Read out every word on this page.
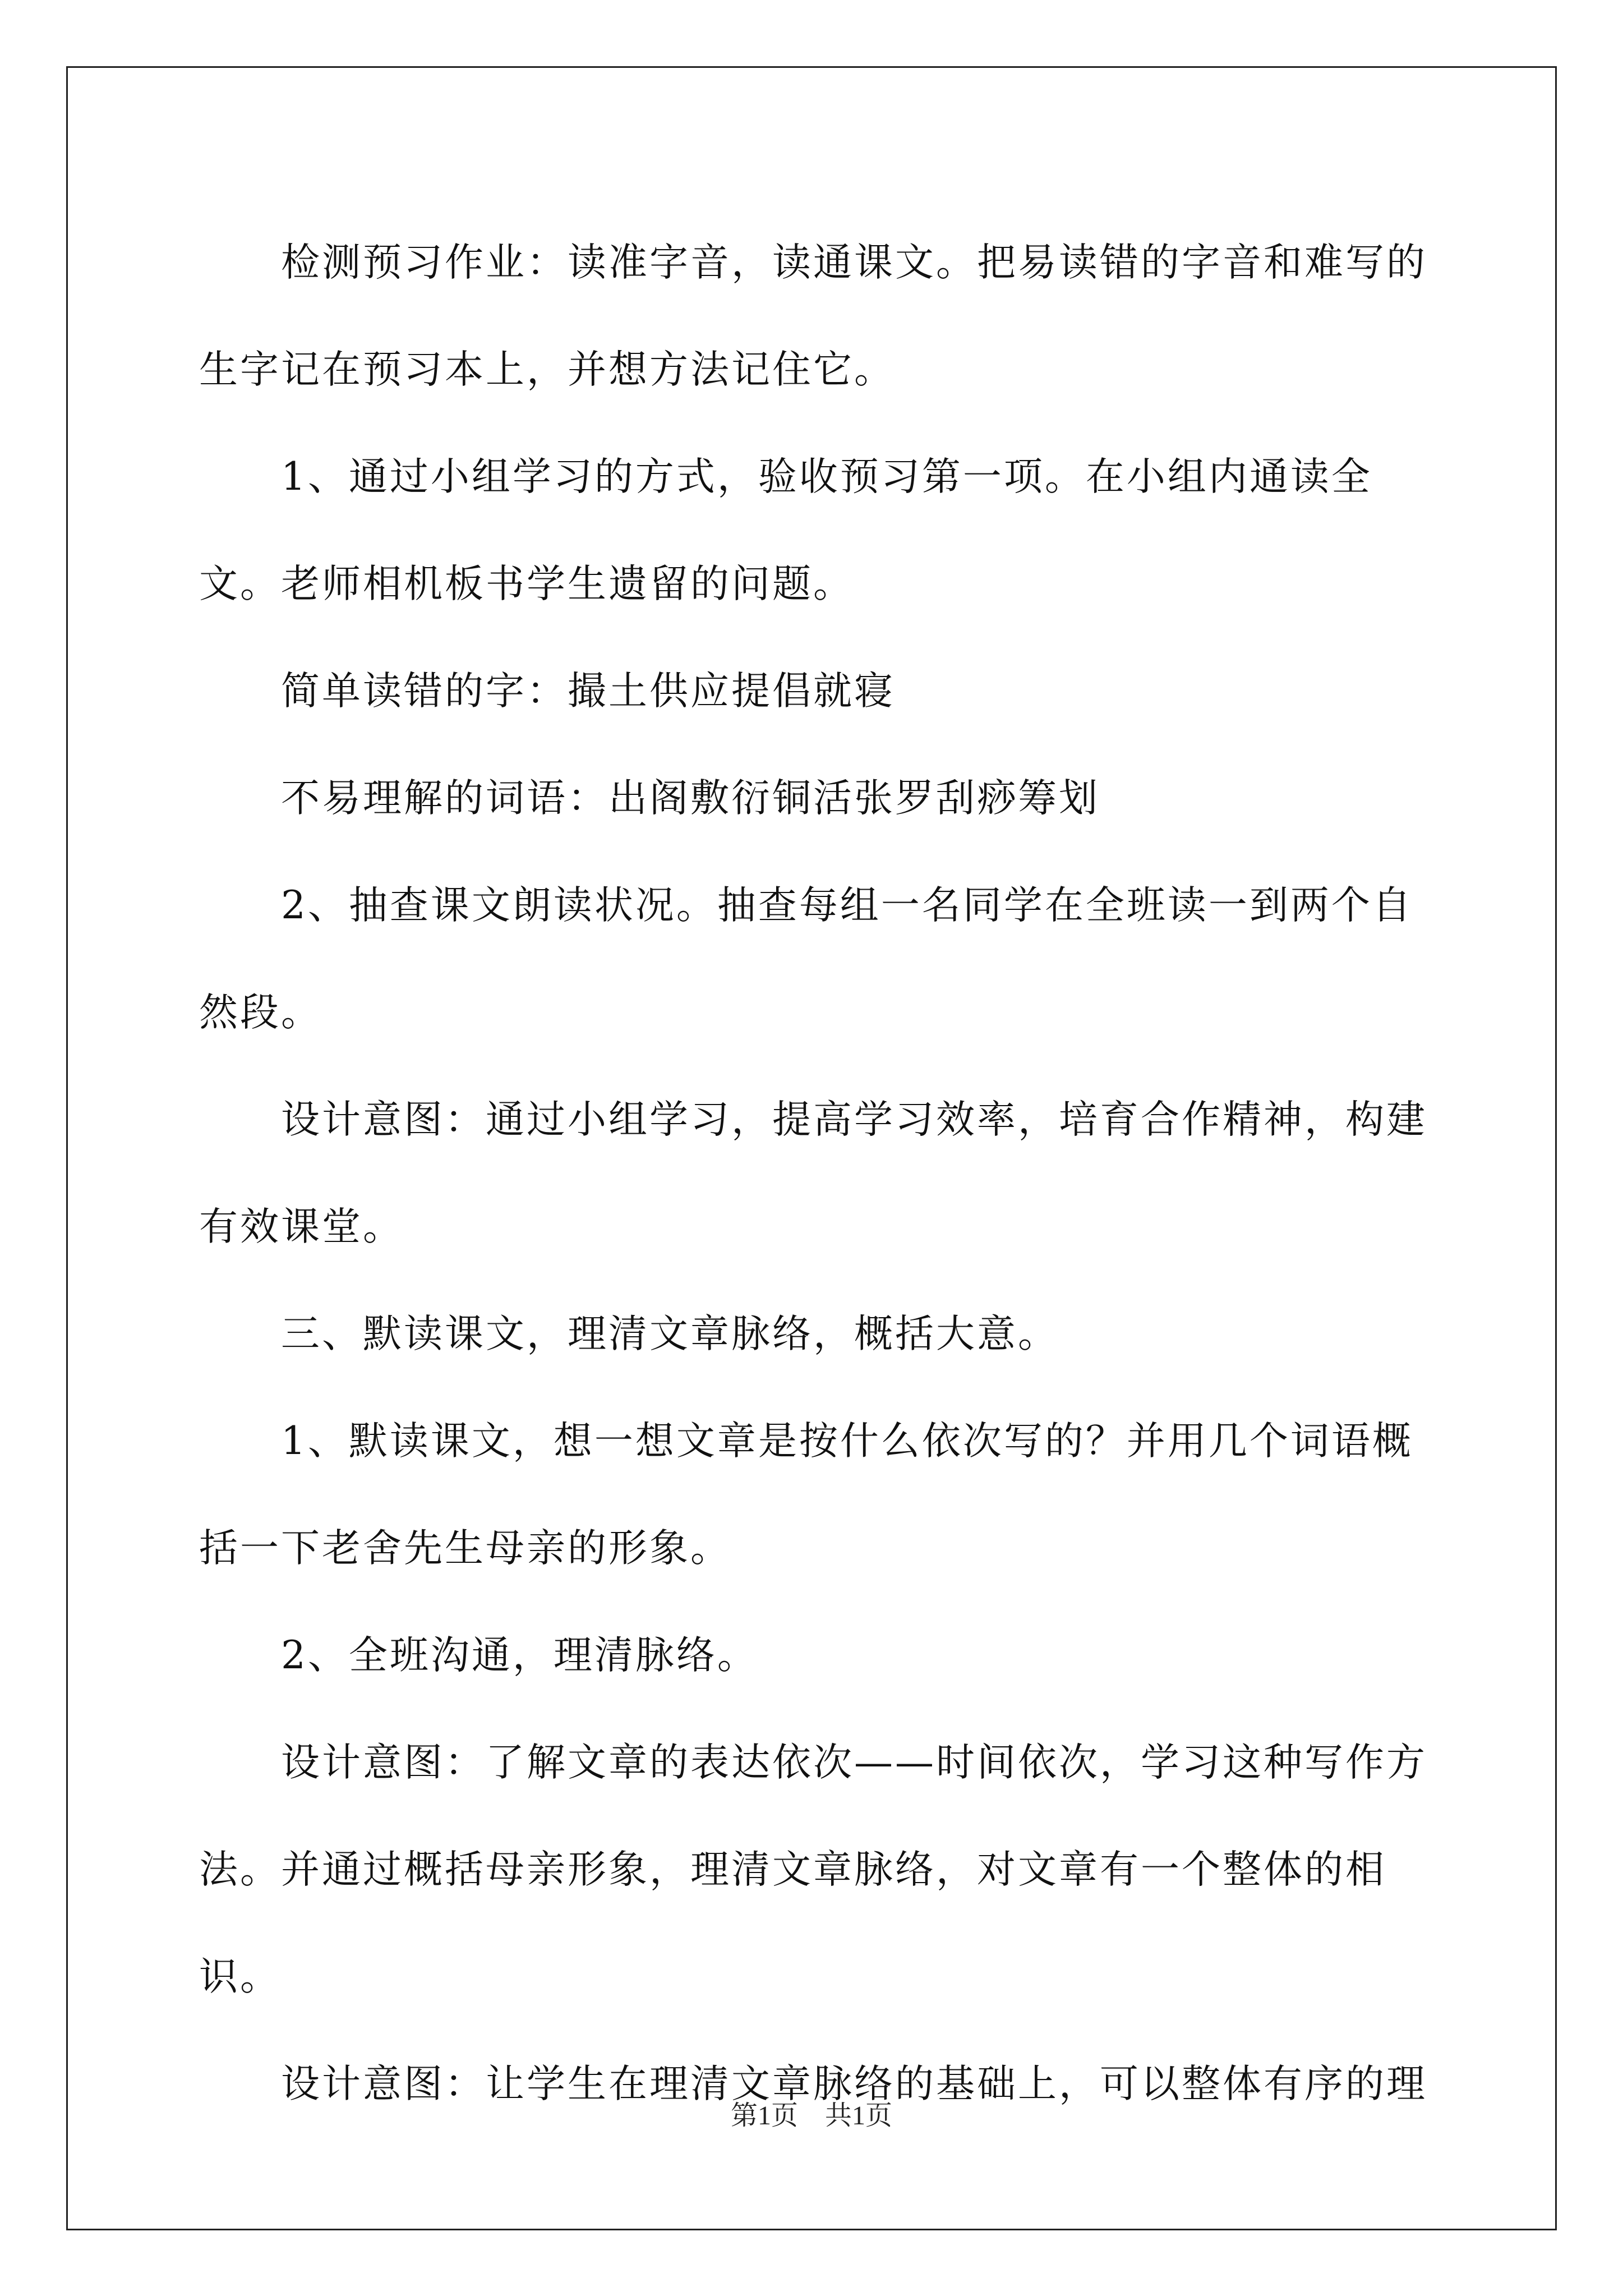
检测预习作业：读准字音，读通课文。把易读错的字音和难写的生字记在预习本上，并想方法记住它。

1、通过小组学习的方式，验收预习第一项。在小组内通读全文。老师相机板书学生遗留的问题。

简单读错的字：撮土供应提倡就寝

不易理解的词语：出阁敷衍铜活张罗刮痧筹划

2、抽查课文朗读状况。抽查每组一名同学在全班读一到两个自然段。

设计意图：通过小组学习，提高学习效率，培育合作精神，构建有效课堂。

三、默读课文，理清文章脉络，概括大意。

1、默读课文，想一想文章是按什么依次写的？并用几个词语概括一下老舍先生母亲的形象。

2、全班沟通，理清脉络。

设计意图：了解文章的表达依次——时间依次，学习这种写作方法。并通过概括母亲形象，理清文章脉络，对文章有一个整体的相识。

设计意图：让学生在理清文章脉络的基础上，可以整体有序的理

第1页 共1页
